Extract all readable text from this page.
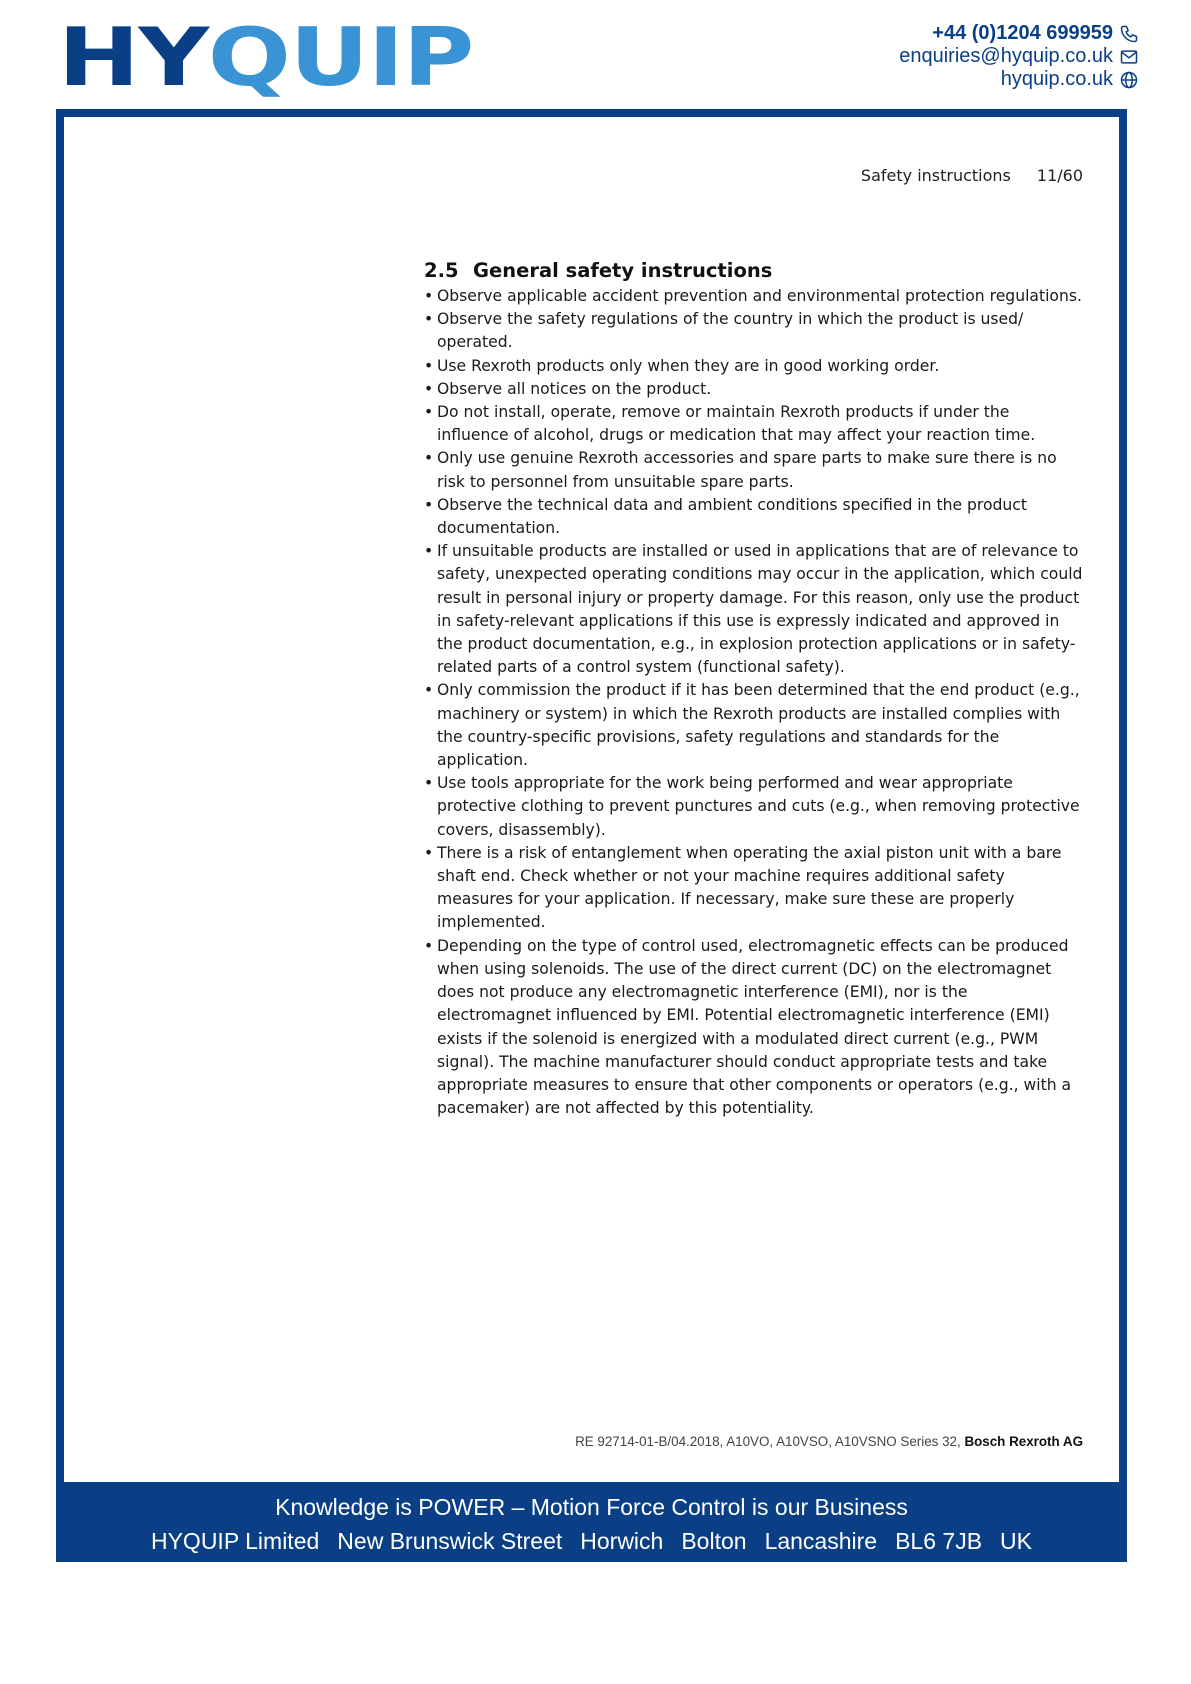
HY QUIP	+44 (0)1204 699959
enquiries@hyquip.co.uk
hyquip.co.uk
Safety instructions 11/60
2.5 General safety instructions
• Observe applicable accident prevention and environmental protection regulations.
• Observe the safety regulations of the country in which the product is used/ operated.
• Use Rexroth products only when they are in good working order.
• Observe all notices on the product.
• Do not install, operate, remove or maintain Rexroth products if under the influence of alcohol, drugs or medication that may affect your reaction time.
• Only use genuine Rexroth accessories and spare parts to make sure there is no risk to personnel from unsuitable spare parts.
• Observe the technical data and ambient conditions specified in the product documentation.
• If unsuitable products are installed or used in applications that are of relevance to safety, unexpected operating conditions may occur in the application, which could result in personal injury or property damage. For this reason, only use the product in safety-relevant applications if this use is expressly indicated and approved in the product documentation, e.g., in explosion protection applications or in safety-related parts of a control system (functional safety).
• Only commission the product if it has been determined that the end product (e.g., machinery or system) in which the Rexroth products are installed complies with the country-specific provisions, safety regulations and standards for the application.
• Use tools appropriate for the work being performed and wear appropriate protective clothing to prevent punctures and cuts (e.g., when removing protective covers, disassembly).
• There is a risk of entanglement when operating the axial piston unit with a bare shaft end. Check whether or not your machine requires additional safety measures for your application. If necessary, make sure these are properly implemented.
• Depending on the type of control used, electromagnetic effects can be produced when using solenoids. The use of the direct current (DC) on the electromagnet does not produce any electromagnetic interference (EMI), nor is the electromagnet influenced by EMI. Potential electromagnetic interference (EMI) exists if the solenoid is energized with a modulated direct current (e.g., PWM signal). The machine manufacturer should conduct appropriate tests and take appropriate measures to ensure that other components or operators (e.g., with a pacemaker) are not affected by this potentiality.
RE 92714-01-B/04.2018, A10VO, A10VSO, A10VSNO Series 32, Bosch Rexroth AG
Knowledge is POWER – Motion Force Control is our Business
HYQUIP Limited New Brunswick Street Horwich Bolton Lancashire BL6 7JB UK
